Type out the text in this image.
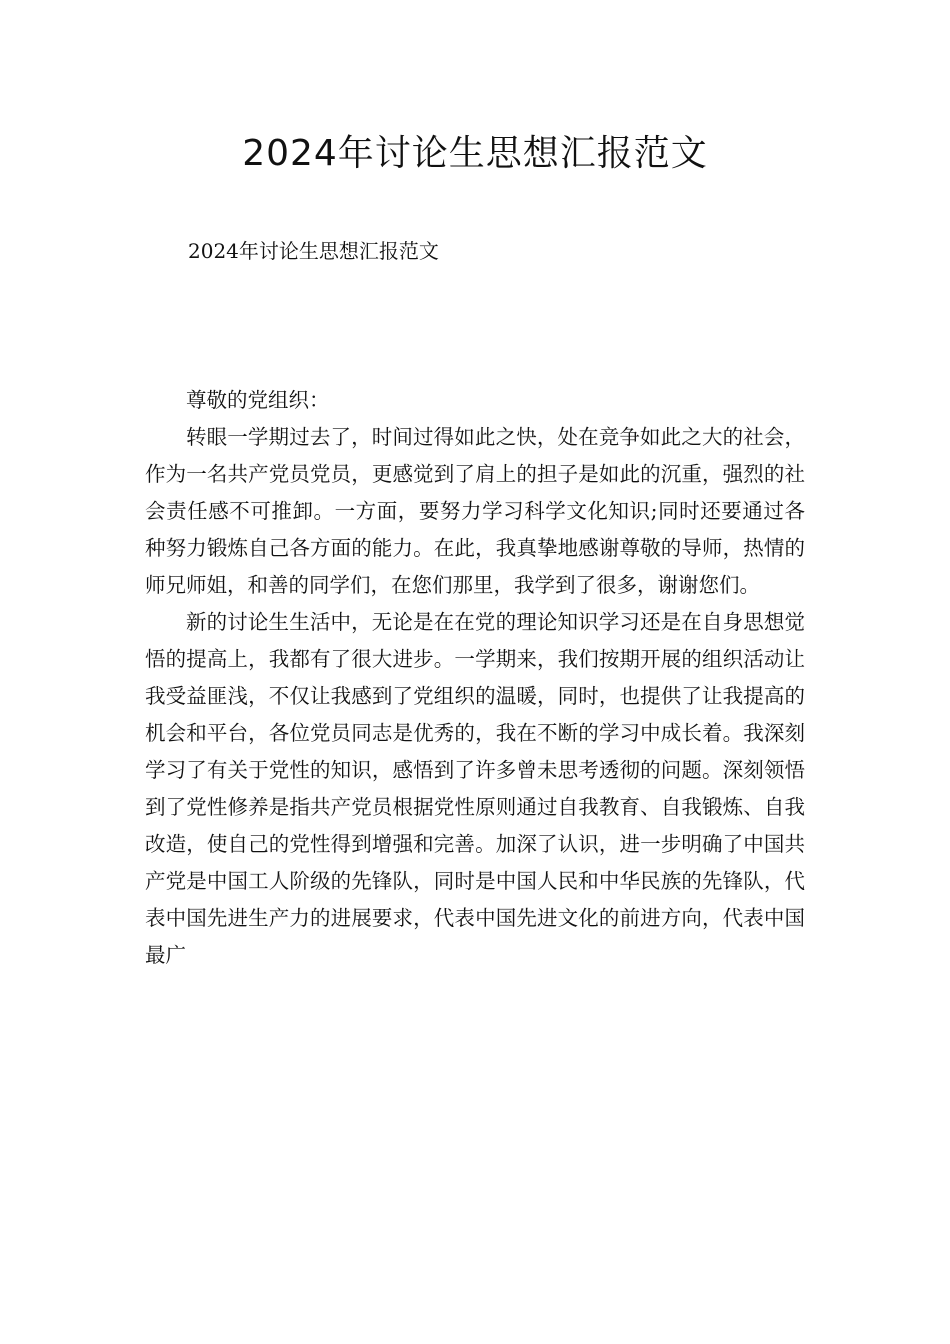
2024年讨论生思想汇报范文

2024年讨论生思想汇报范文

尊敬的党组织：

转眼一学期过去了，时间过得如此之快，处在竞争如此之大的社会，作为一名共产党员党员，更感觉到了肩上的担子是如此的沉重，强烈的社会责任感不可推卸。一方面，要努力学习科学文化知识;同时还要通过各种努力锻炼自己各方面的能力。在此，我真挚地感谢尊敬的导师，热情的师兄师姐，和善的同学们，在您们那里，我学到了很多，谢谢您们。

新的讨论生生活中，无论是在在党的理论知识学习还是在自身思想觉悟的提高上，我都有了很大进步。一学期来，我们按期开展的组织活动让我受益匪浅，不仅让我感到了党组织的温暖，同时，也提供了让我提高的机会和平台，各位党员同志是优秀的，我在不断的学习中成长着。我深刻学习了有关于党性的知识，感悟到了许多曾未思考透彻的问题。深刻领悟到了党性修养是指共产党员根据党性原则通过自我教育、自我锻炼、自我改造，使自己的党性得到增强和完善。加深了认识，进一步明确了中国共产党是中国工人阶级的先锋队，同时是中国人民和中华民族的先锋队，代表中国先进生产力的进展要求，代表中国先进文化的前进方向，代表中国最广
